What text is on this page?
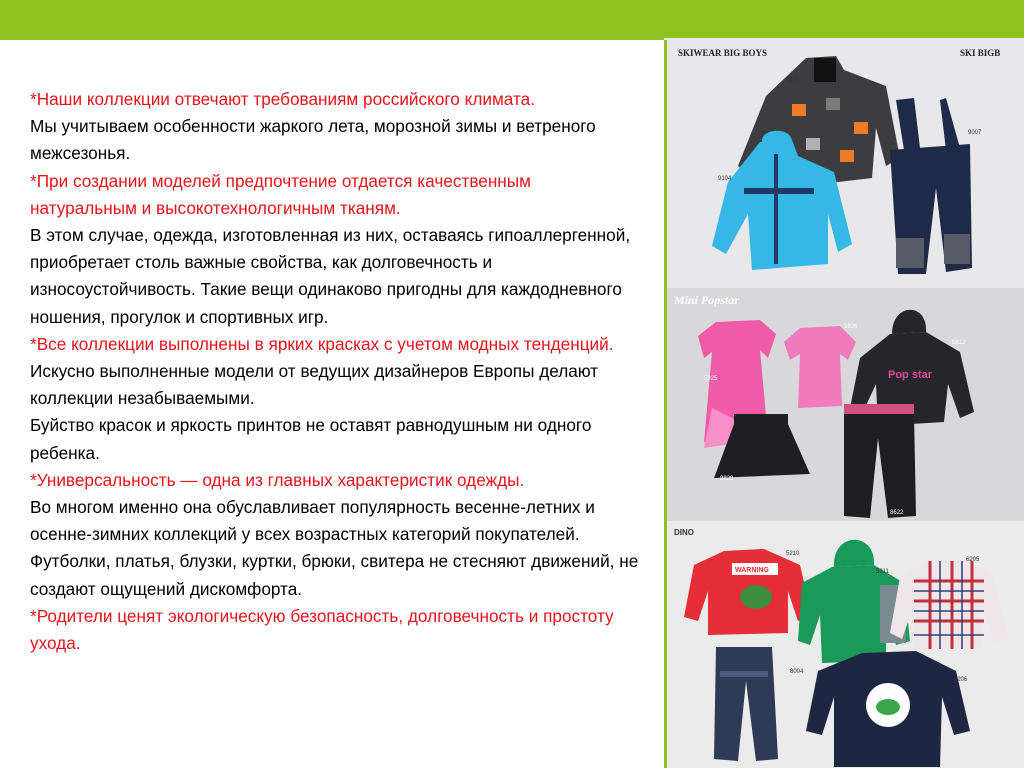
*Наши коллекции отвечают требованиям российского климата.

Мы учитываем особенности жаркого лета, морозной зимы и ветреного межсезонья.

*При создании моделей предпочтение отдается качественным натуральным и высокотехнологичным тканям.

В этом случае, одежда, изготовленная из них, оставаясь гипоаллергенной, приобретает столь важные свойства, как долговечность и износоустойчивость. Такие вещи одинаково пригодны для каждодневного ношения, прогулок и спортивных игр.

*Все коллекции выполнены в ярких красках с учетом модных тенденций.

Искусно выполненные модели от ведущих дизайнеров Европы делают коллекции незабываемыми.

Буйство красок и яркость принтов не оставят равнодушным ни одного ребенка.

*Универсальность — одна из главных характеристик одежды.

Во многом именно она обуславливает популярность весенне-летних и осенне-зимних коллекций у всех возрастных категорий покупателей.

Футболки, платья, блузки, куртки, брюки, свитера не стесняют движений, не создают ощущений дискомфорта.

*Родители ценят экологическую безопасность, долговечность и простоту ухода.

SKIWEAR BIG BOYS	SKI BIGB
9105
9007
9104
Mini Popstar
5925
5926
Pop star
5812
8829
8622
DINO
WARNING
5210
5311
6205
8004
5206
